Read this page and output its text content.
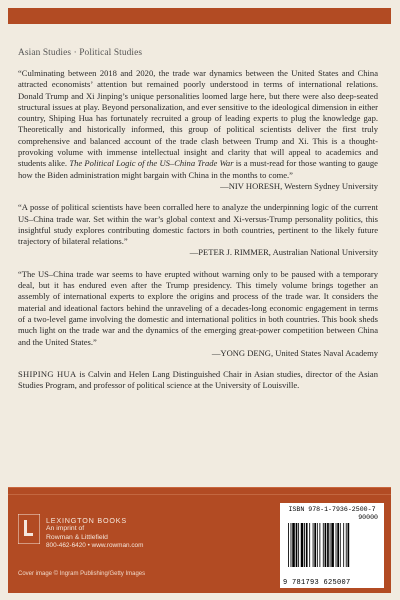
Asian Studies · Political Studies

“Culminating between 2018 and 2020, the trade war dynamics between the United States and China attracted economists’ attention but remained poorly understood in terms of international relations. Donald Trump and Xi Jinping’s unique personalities loomed large here, but there were also deep-seated structural issues at play. Beyond personalization, and ever sensitive to the ideological dimension in either country, Shiping Hua has fortunately recruited a group of leading experts to plug the knowledge gap. Theoretically and historically informed, this group of political scientists deliver the first truly comprehensive and balanced account of the trade clash between Trump and Xi. This is a thought-provoking volume with immense intellectual insight and clarity that will appeal to academics and students alike. The Political Logic of the US–China Trade War is a must-read for those wanting to gauge how the Biden administration might bargain with China in the months to come.”

—NIV HORESH, Western Sydney University

“A posse of political scientists have been corralled here to analyze the underpinning logic of the current US–China trade war. Set within the war’s global context and Xi-versus-Trump personality politics, this insightful study explores contributing domestic factors in both countries, pertinent to the likely future trajectory of bilateral relations.”

—PETER J. RIMMER, Australian National University

“The US–China trade war seems to have erupted without warning only to be paused with a temporary deal, but it has endured even after the Trump presidency. This timely volume brings together an assembly of international experts to explore the origins and process of the trade war. It considers the material and ideational factors behind the unraveling of a decades-long economic engagement in terms of a two-level game involving the domestic and international politics in both countries. This book sheds much light on the trade war and the dynamics of the emerging great-power competition between China and the United States.”

—YONG DENG, United States Naval Academy

SHIPING HUA is Calvin and Helen Lang Distinguished Chair in Asian studies, director of the Asian Studies Program, and professor of political science at the University of Louisville.

LEXINGTON BOOKS
An imprint of
Rowman & Littlefield
800-462-6420 • www.rowman.com
Cover image © Ingram Publishing/Getty Images
ISBN 978-1-7936-2500-7
90000
9 781793 625007
